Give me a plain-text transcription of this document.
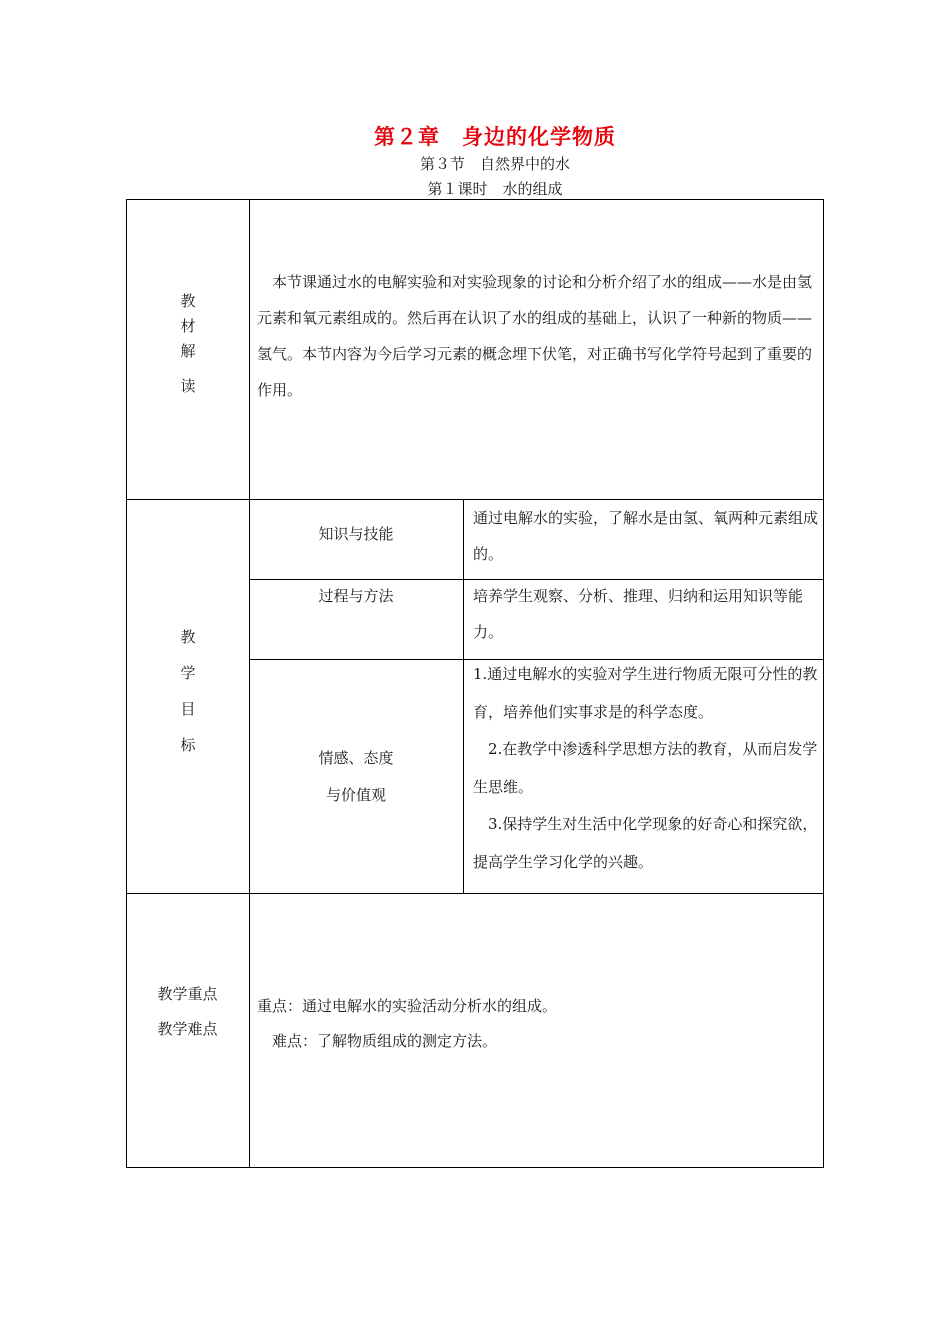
第２章　身边的化学物质
第３节　自然界中的水
第１课时　水的组成
教
材
解
读
　本节课通过水的电解实验和对实验现象的讨论和分析介绍了水的组成——水是由氢元素和氧元素组成的。然后再在认识了水的组成的基础上，认识了一种新的物质——氢气。本节内容为今后学习元素的概念埋下伏笔，对正确书写化学符号起到了重要的作用。
教
学
目
标
知识与技能
通过电解水的实验，了解水是由氢、氧两种元素组成的。
过程与方法	培养学生观察、分析、推理、归纳和运用知识等能力。
情感、态度
与价值观

1.通过电解水的实验对学生进行物质无限可分性的教育，培养他们实事求是的科学态度。

　2.在教学中渗透科学思想方法的教育，从而启发学生思维。

　3.保持学生对生活中化学现象的好奇心和探究欲，提高学生学习化学的兴趣。

教学重点
教学难点

重点：通过电解水的实验活动分析水的组成。

　难点：了解物质组成的测定方法。
